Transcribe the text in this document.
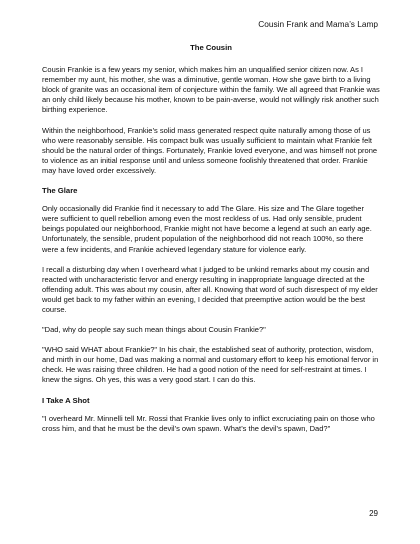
Cousin Frank and Mama’s Lamp

The Cousin

Cousin Frankie is a few years my senior, which makes him an unqualified senior citizen now. As I remember my aunt, his mother, she was a diminutive, gentle woman. How she gave birth to a living block of granite was an occasional item of conjecture within the family. We all agreed that Frankie was an only child likely because his mother, known to be pain-averse, would not willingly risk another such birthing experience.

Within the neighborhood, Frankie’s solid mass generated respect quite naturally among those of us who were reasonably sensible. His compact bulk was usually sufficient to maintain what Frankie felt should be the natural order of things. Fortunately, Frankie loved everyone, and was himself not prone to violence as an initial response until and unless someone foolishly threatened that order. Frankie may have loved order excessively.

The Glare

Only occasionally did Frankie find it necessary to add The Glare. His size and The Glare together were sufficient to quell rebellion among even the most reckless of us. Had only sensible, prudent beings populated our neighborhood, Frankie might not have become a legend at such an early age. Unfortunately, the sensible, prudent population of the neighborhood did not reach 100%, so there were a few incidents, and Frankie achieved legendary stature for violence early.

I recall a disturbing day when I overheard what I judged to be unkind remarks about my cousin and reacted with uncharacteristic fervor and energy resulting in inappropriate language directed at the offending adult. This was about my cousin, after all. Knowing that word of such disrespect of my elder would get back to my father within an evening, I decided that preemptive action would be the best course.

"Dad, why do people say such mean things about Cousin Frankie?"

"WHO said WHAT about Frankie?" In his chair, the established seat of authority, protection, wisdom, and mirth in our home, Dad was making a normal and customary effort to keep his emotional fervor in check. He was raising three children. He had a good notion of the need for self-restraint at times. I knew the signs. Oh yes, this was a very good start. I can do this.

I Take A Shot

"I overheard Mr. Minnelli tell Mr. Rossi that Frankie lives only to inflict excruciating pain on those who cross him, and that he must be the devil’s own spawn. What’s the devil’s spawn, Dad?"

29
